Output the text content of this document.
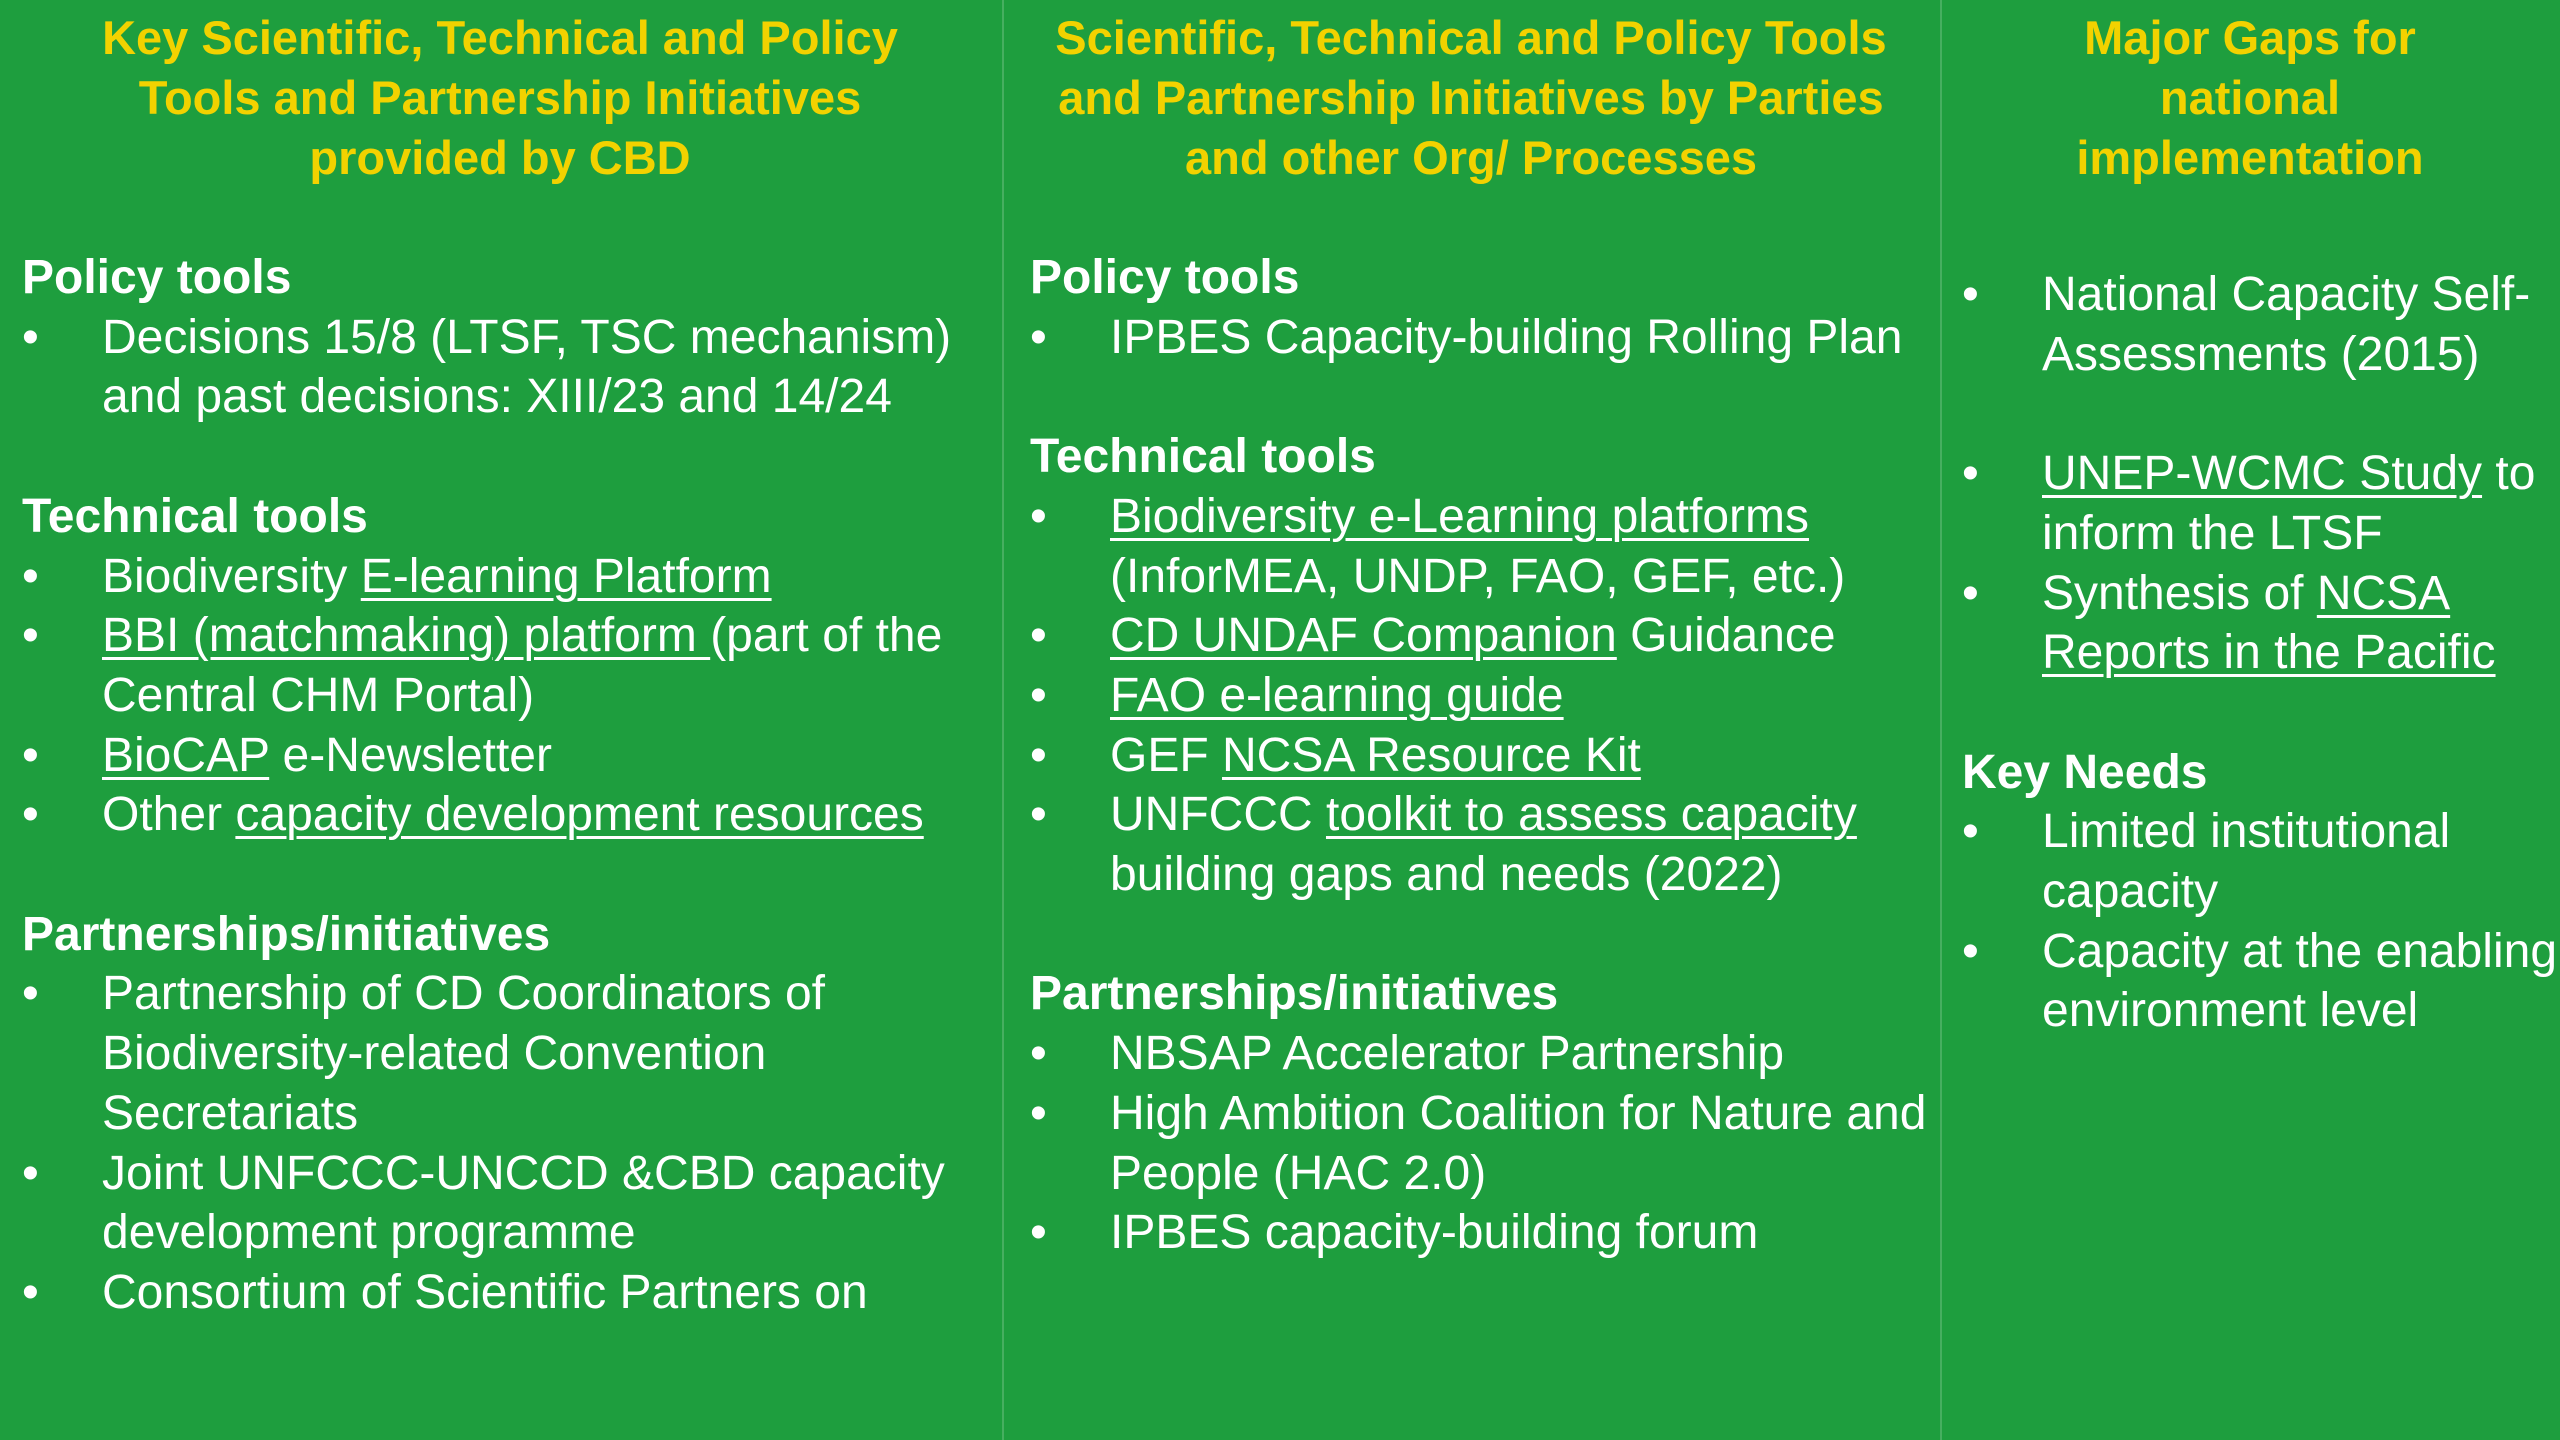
Key Scientific, Technical and Policy
Tools and Partnership Initiatives
provided by CBD

Policy tools

•	Decisions 15/8 (LTSF, TSC mechanism) and past decisions: XIII/23 and 14/24

Technical tools

•	Biodiversity E-learning Platform
•	BBI (matchmaking) platform (part of the Central CHM Portal)
•	BioCAP e-Newsletter
•	Other capacity development resources

Partnerships/initiatives

•	Partnership of CD Coordinators of Biodiversity-related Convention Secretariats
•	Joint UNFCCC-UNCCD &CBD capacity development programme
•	Consortium of Scientific Partners on
Scientific, Technical and Policy Tools
and Partnership Initiatives by Parties
and other Org/ Processes

Policy tools

•	IPBES Capacity-building Rolling Plan

Technical tools

•	Biodiversity e-Learning platforms (InforMEA, UNDP, FAO, GEF, etc.)
•	CD UNDAF Companion Guidance
•	FAO e-learning guide
•	GEF NCSA Resource Kit
•	UNFCCC toolkit to assess capacity building gaps and needs (2022)

Partnerships/initiatives

•	NBSAP Accelerator Partnership
•	High Ambition Coalition for Nature and People (HAC 2.0)
•	IPBES capacity-building forum
Major Gaps for
national
implementation
•	National Capacity Self-Assessments (2015)
•	UNEP-WCMC Study to inform the LTSF
•	Synthesis of NCSA Reports in the Pacific

Key Needs

•	Limited institutional capacity
•	Capacity at the enabling environment level
